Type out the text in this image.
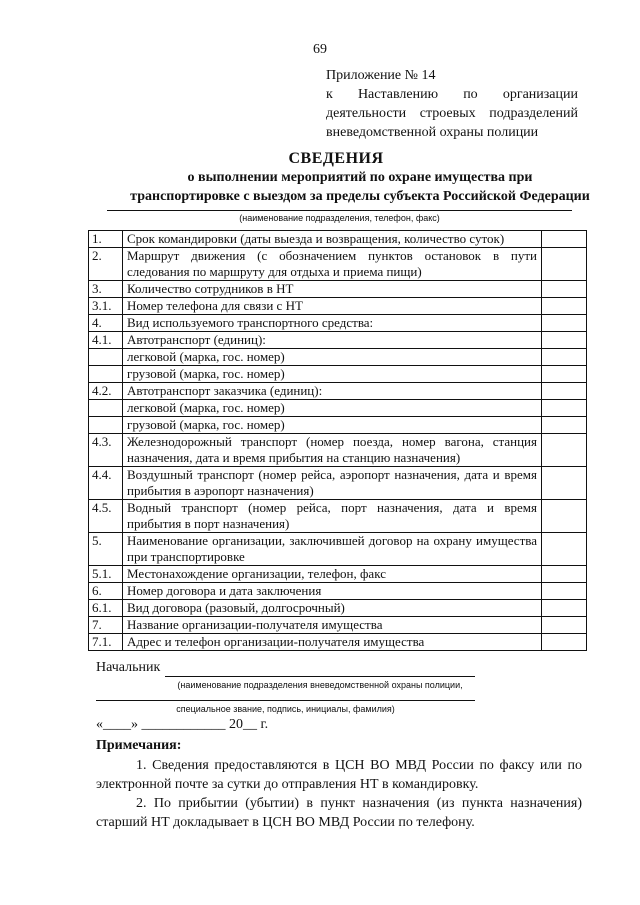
69
Приложение № 14
к Наставлению по организации
деятельности строевых подразделений
вневедомственной охраны полиции
СВЕДЕНИЯ
о выполнении мероприятий по охране имущества при
транспортировке с выездом за пределы субъекта Российской Федерации
(наименование подразделения, телефон, факс)
1.	Срок командировки (даты выезда и возвращения, количество суток)	
2.	Маршрут движения (с обозначением пунктов остановок в пути следования по маршруту для отдыха и приема пищи)	
3.	Количество сотрудников в НТ	
3.1.	Номер телефона для связи с НТ	
4.	Вид используемого транспортного средства:	
4.1.	Автотранспорт (единиц):	
	легковой (марка, гос. номер)	
	грузовой (марка, гос. номер)	
4.2.	Автотранспорт заказчика (единиц):	
	легковой (марка, гос. номер)	
	грузовой (марка, гос. номер)	
4.3.	Железнодорожный транспорт (номер поезда, номер вагона, станция назначения, дата и время прибытия на станцию назначения)	
4.4.	Воздушный транспорт (номер рейса, аэропорт назначения, дата и время прибытия в аэропорт назначения)	
4.5.	Водный транспорт (номер рейса, порт назначения, дата и время прибытия в порт назначения)	
5.	Наименование организации, заключившей договор на охрану имущества при транспортировке	
5.1.	Местонахождение организации, телефон, факс	
6.	Номер договора и дата заключения	
6.1.	Вид договора (разовый, долгосрочный)	
7.	Название организации-получателя имущества	
7.1.	Адрес и телефон организации-получателя имущества	
Начальник
(наименование подразделения вневедомственной охраны полиции,
специальное звание, подпись, инициалы, фамилия)
«____» ____________ 20__ г.
Примечания:
1. Сведения предоставляются в ЦСН ВО МВД России по факсу или по электронной почте за сутки до отправления НТ в командировку.
2. По прибытии (убытии) в пункт назначения (из пункта назначения) старший НТ докладывает в ЦСН ВО МВД России по телефону.
